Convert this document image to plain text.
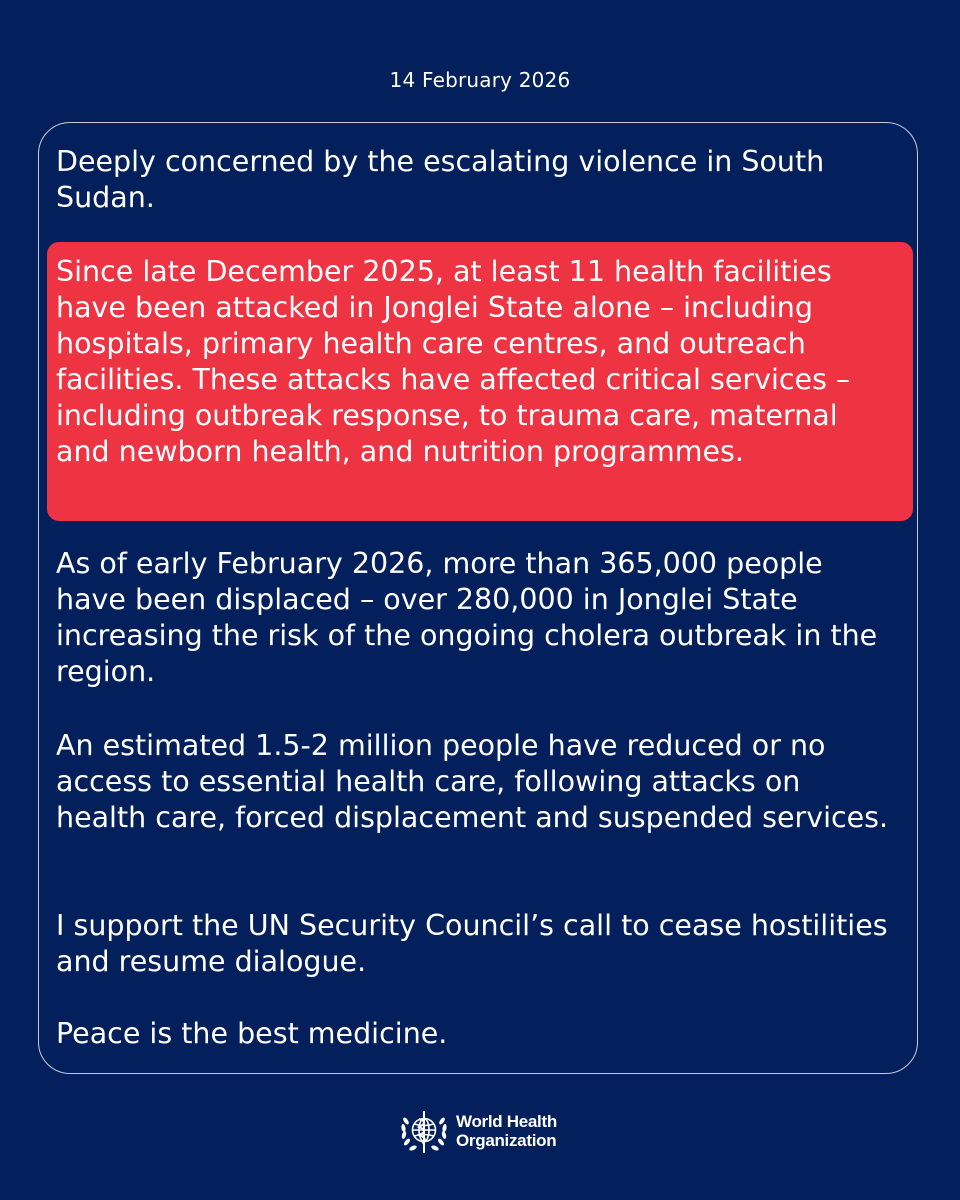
14 February 2026

Deeply concerned by the escalating violence in South Sudan.

Since late December 2025, at least 11 health facilities have been attacked in Jonglei State alone – including hospitals, primary health care centres, and outreach facilities. These attacks have affected critical services – including outbreak response, to trauma care, maternal and newborn health, and nutrition programmes.

As of early February 2026, more than 365,000 people have been displaced – over 280,000 in Jonglei State increasing the risk of the ongoing cholera outbreak in the region.

An estimated 1.5-2 million people have reduced or no access to essential health care, following attacks on health care, forced displacement and suspended services.

I support the UN Security Council’s call to cease hostilities and resume dialogue.

Peace is the best medicine.

World Health
Organization
